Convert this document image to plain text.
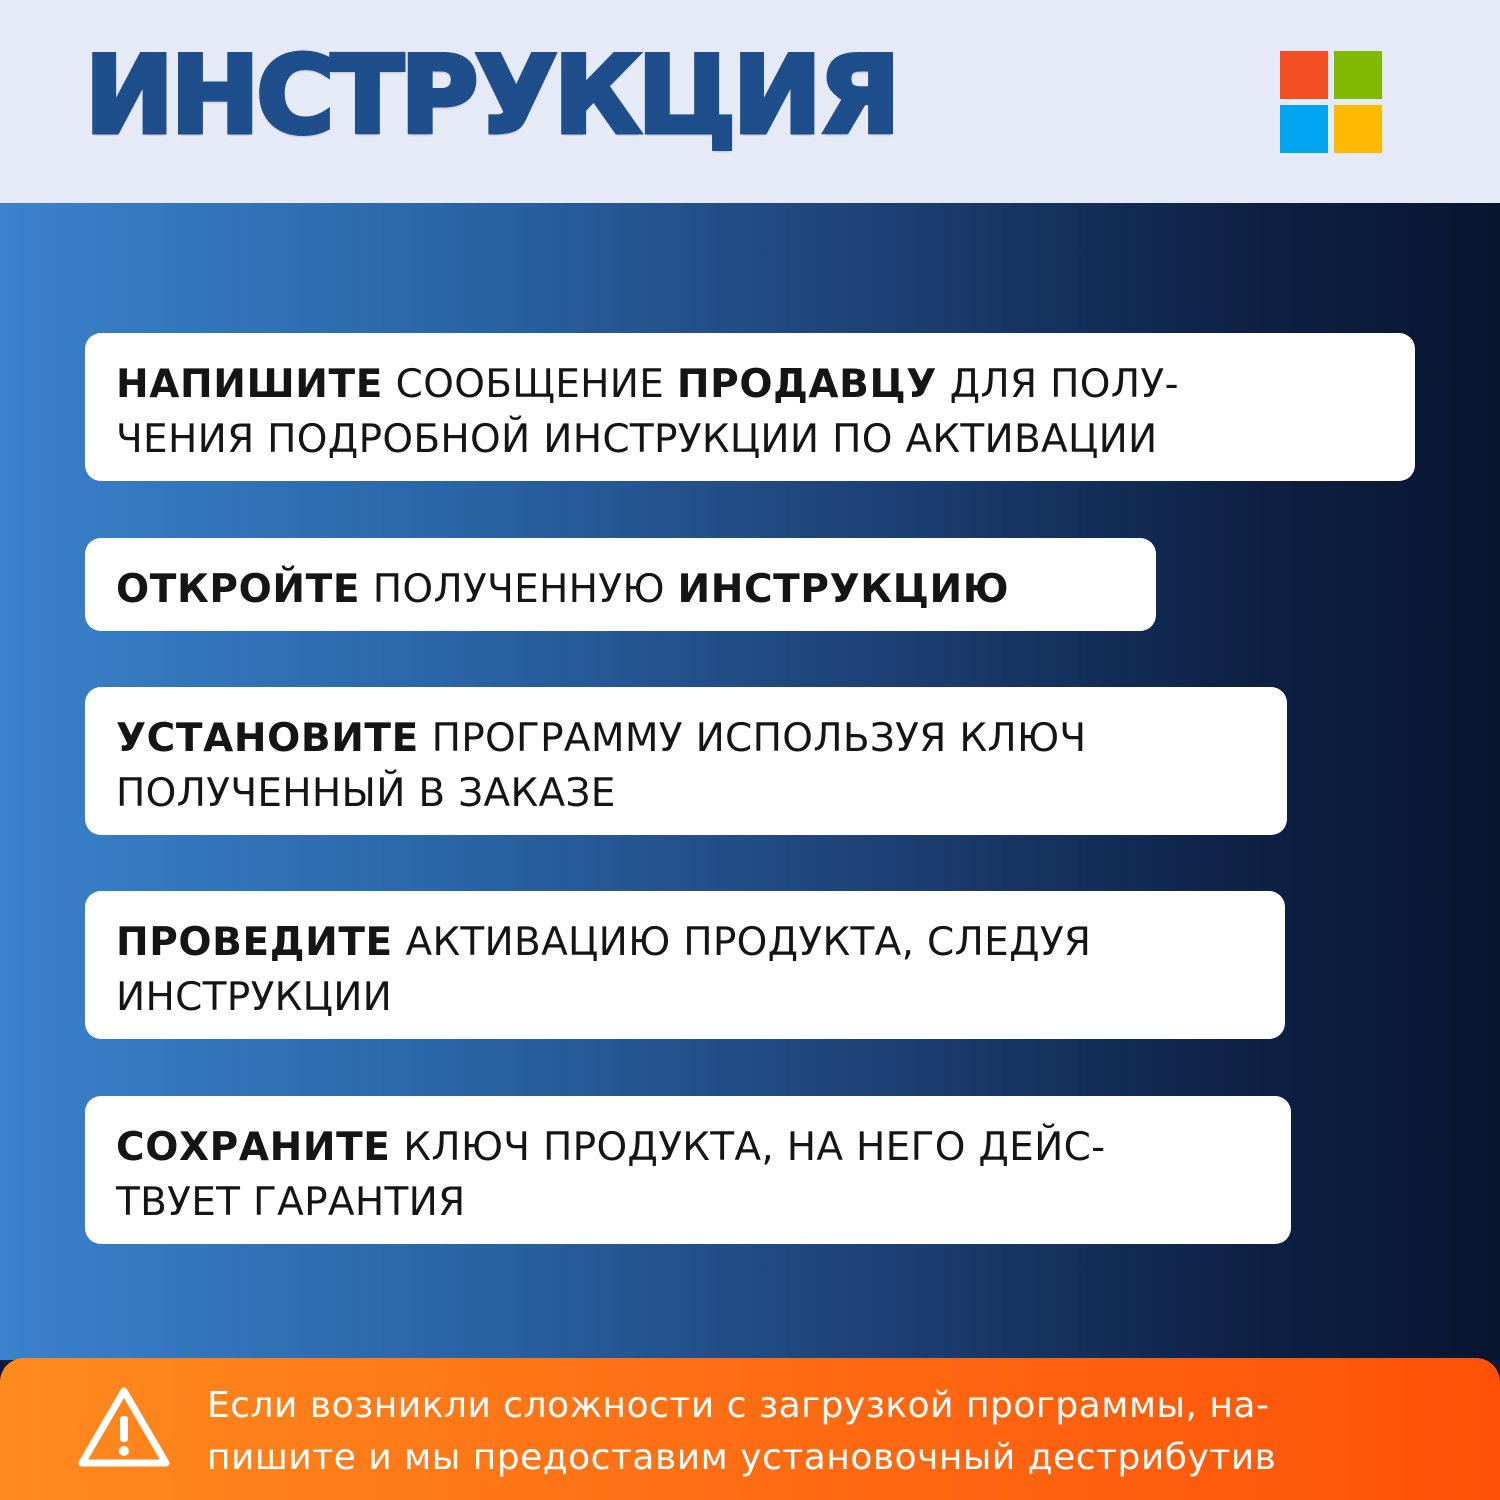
ИНСТРУКЦИЯ
НАПИШИТЕ СООБЩЕНИЕ ПРОДАВЦУ ДЛЯ ПОЛУ-
ЧЕНИЯ ПОДРОБНОЙ ИНСТРУКЦИИ ПО АКТИВАЦИИ
ОТКРОЙТЕ ПОЛУЧЕННУЮ ИНСТРУКЦИЮ
УСТАНОВИТЕ ПРОГРАММУ ИСПОЛЬЗУЯ КЛЮЧ
ПОЛУЧЕННЫЙ В ЗАКАЗЕ
ПРОВЕДИТЕ АКТИВАЦИЮ ПРОДУКТА, СЛЕДУЯ
ИНСТРУКЦИИ
СОХРАНИТЕ КЛЮЧ ПРОДУКТА, НА НЕГО ДЕЙС-
ТВУЕТ ГАРАНТИЯ
Если возникли сложности с загрузкой программы, на-
пишите и мы предоставим установочный дестрибутив
